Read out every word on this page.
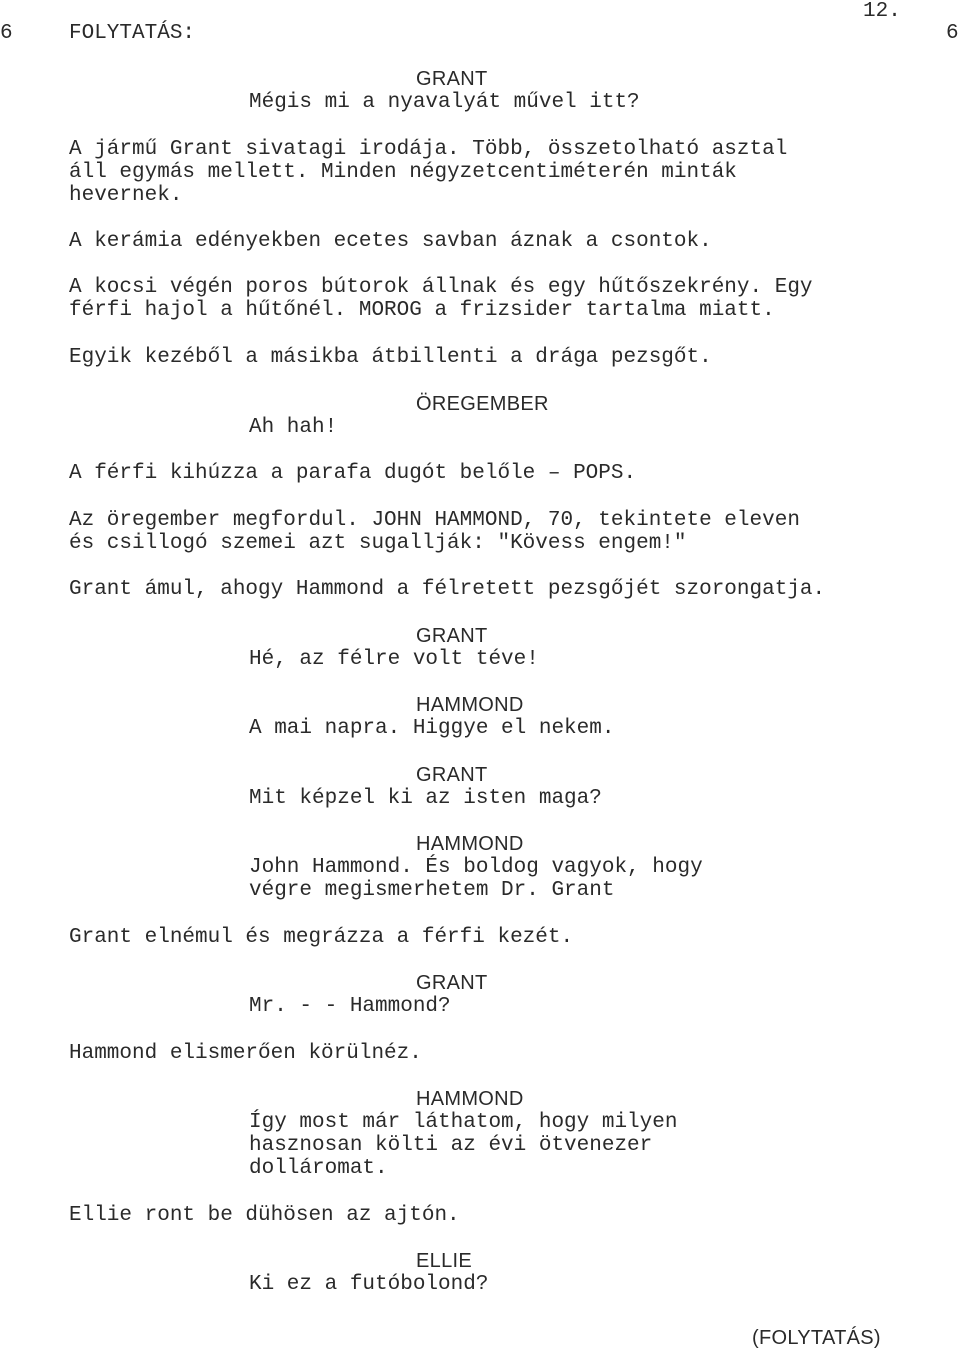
6	FOLYTATÁS:
12.
6
GRANT
Mégis mi a nyavalyát művel itt?
A jármű Grant sivatagi irodája. Több, összetolható asztal
áll egymás mellett. Minden négyzetcentiméterén minták
hevernek.
A kerámia edényekben ecetes savban áznak a csontok.
A kocsi végén poros bútorok állnak és egy hűtőszekrény. Egy
férfi hajol a hűtőnél. MOROG a frizsider tartalma miatt.
Egyik kezéből a másikba átbillenti a drága pezsgőt.
ÖREGEMBER
Ah hah!
A férfi kihúzza a parafa dugót belőle – POPS.
Az öregember megfordul. JOHN HAMMOND, 70, tekintete eleven
és csillogó szemei azt sugallják: "Kövess engem!"
Grant ámul, ahogy Hammond a félretett pezsgőjét szorongatja.
GRANT
Hé, az félre volt téve!
HAMMOND
A mai napra. Higgye el nekem.
GRANT
Mit képzel ki az isten maga?
HAMMOND
John Hammond. És boldog vagyok, hogy
végre megismerhetem Dr. Grant
Grant elnémul és megrázza a férfi kezét.
GRANT
Mr. - - Hammond?
Hammond elismerően körülnéz.
HAMMOND
Így most már láthatom, hogy milyen
hasznosan költi az évi ötvenezer
dolláromat.
Ellie ront be dühösen az ajtón.
ELLIE
Ki ez a futóbolond?
(FOLYTATÁS)
